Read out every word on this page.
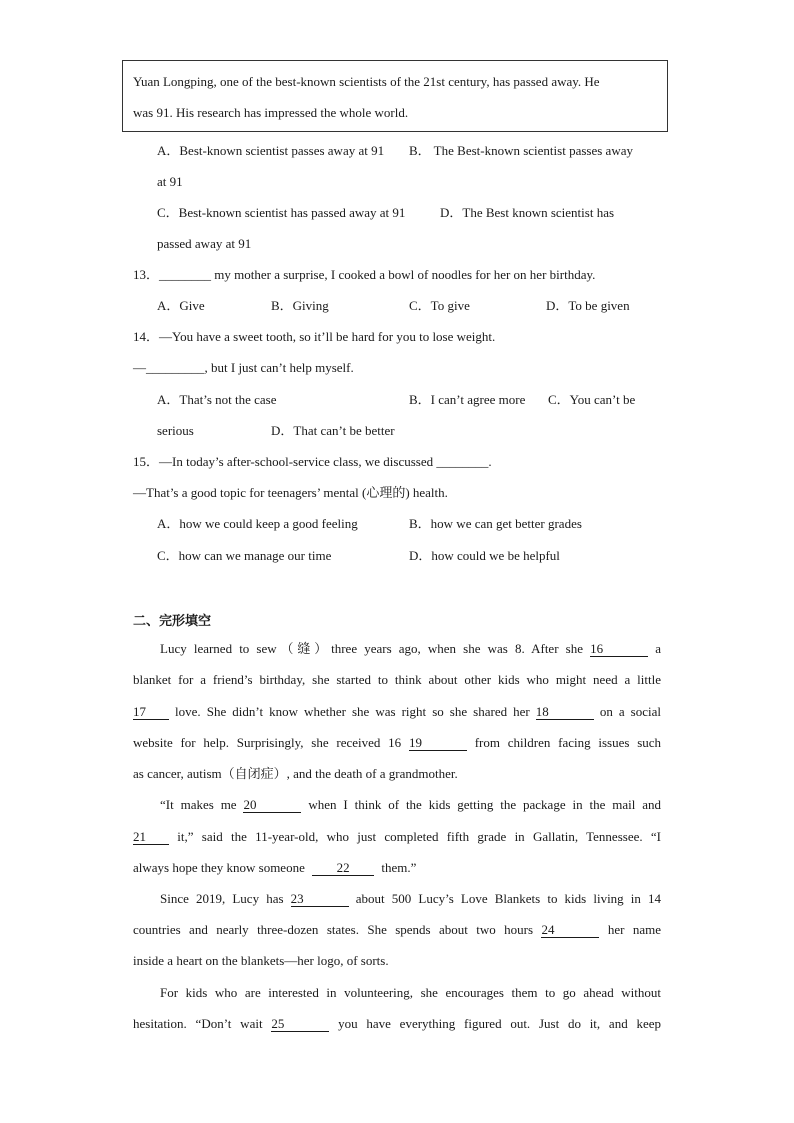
Yuan Longping, one of the best-known scientists of the 21st century, has passed away. He
was 91. His research has impressed the whole world.
A．Best-known scientist passes away at 91 B． The Best-known scientist passes away
at 91
C．Best-known scientist has passed away at 91	D．The Best known scientist has
passed away at 91
13．________ my mother a surprise, I cooked a bowl of noodles for her on her birthday.
A．Give	B．Giving	C．To give	D．To be given
14．—You have a sweet tooth, so it’ll be hard for you to lose weight.
—_________, but I just can’t help myself.
A．That’s not the case	B．I can’t agree more C．You can’t be
serious	D．That can’t be better
15．—In today’s after-school-service class, we discussed ________.
—That’s a good topic for teenagers’ mental (心理的) health.
A．how we could keep a good feeling	B．how we can get better grades
C．how can we manage our time	D．how could we be helpful
二、完形填空
Lucy learned to sew（缝）three years ago, when she was 8. After she 16	a
blanket for a friend’s birthday, she started to think about other kids who might need a little
17 love. She didn’t know whether she was right so she shared her 18	on a social
website for help. Surprisingly, she received 16 19	from children facing issues such
as cancer, autism（自闭症）, and the death of a grandmother.
“It makes me 20	when I think of the kids getting the package in the mail and
21 it,” said the 11-year-old, who just completed fifth grade in Gallatin, Tennessee. “I
always hope they know someone 22 them.”
Since 2019, Lucy has 23	about 500 Lucy’s Love Blankets to kids living in 14
countries and nearly three-dozen states. She spends about two hours 24	her name
inside a heart on the blankets—her logo, of sorts.
For kids who are interested in volunteering, she encourages them to go ahead without
hesitation. “Don’t wait 25	you have everything figured out. Just do it, and keep
